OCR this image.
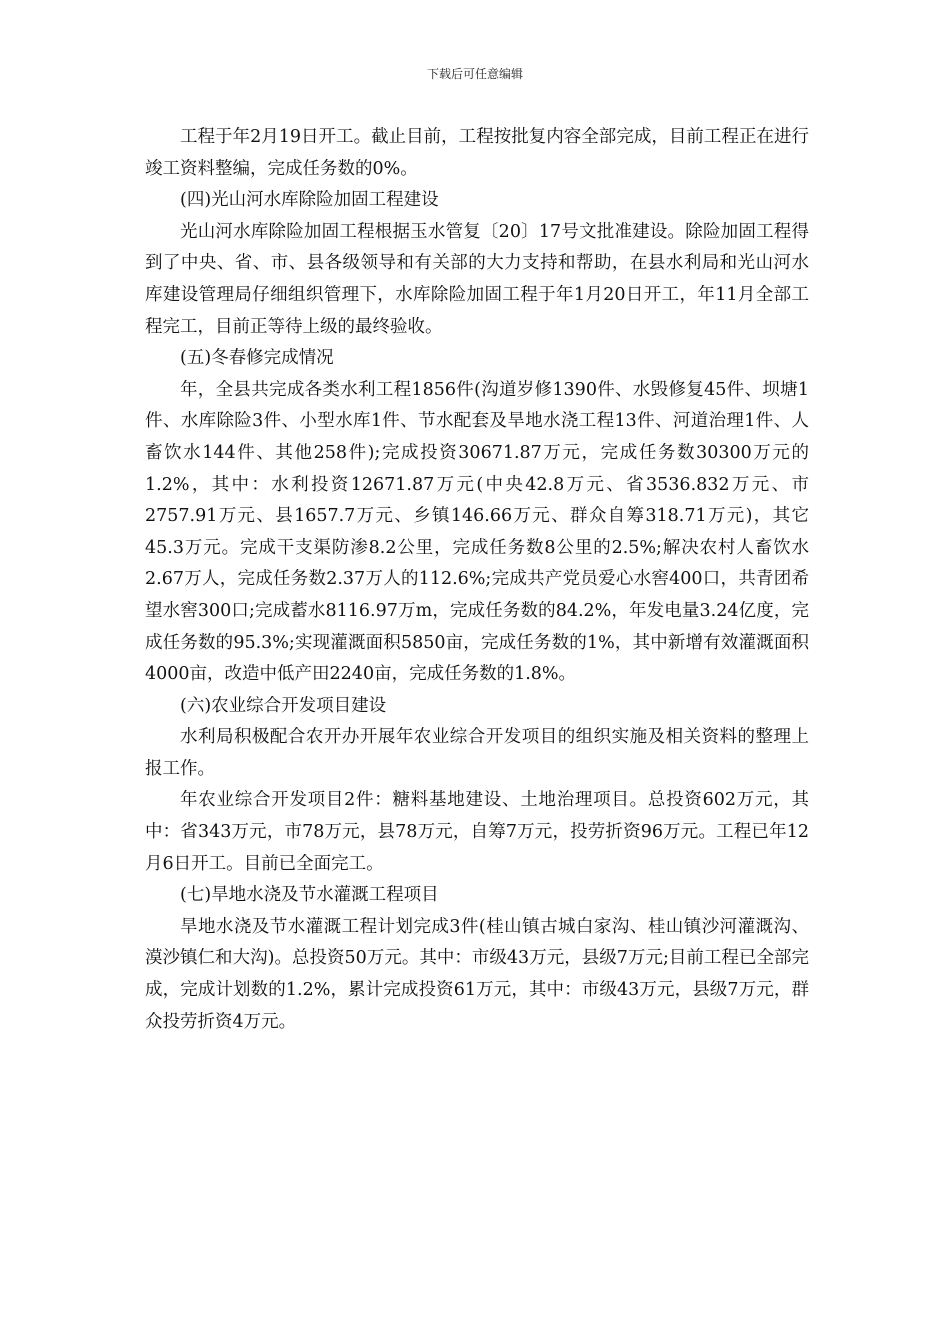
下载后可任意编辑

工程于年2月19日开工。截止目前，工程按批复内容全部完成，目前工程正在进行竣工资料整编，完成任务数的0%。

(四)光山河水库除险加固工程建设

光山河水库除险加固工程根据玉水管复〔20〕17号文批准建设。除险加固工程得到了中央、省、市、县各级领导和有关部的大力支持和帮助，在县水利局和光山河水库建设管理局仔细组织管理下，水库除险加固工程于年1月20日开工，年11月全部工程完工，目前正等待上级的最终验收。

(五)冬春修完成情况

年，全县共完成各类水利工程1856件(沟道岁修1390件、水毁修复45件、坝塘1件、水库除险3件、小型水库1件、节水配套及旱地水浇工程13件、河道治理1件、人畜饮水144件、其他258件);完成投资30671.87万元，完成任务数30300万元的1.2%，其中：水利投资12671.87万元(中央42.8万元、省3536.832万元、市2757.91万元、县1657.7万元、乡镇146.66万元、群众自筹318.71万元)，其它45.3万元。完成干支渠防渗8.2公里，完成任务数8公里的2.5%;解决农村人畜饮水2.67万人，完成任务数2.37万人的112.6%;完成共产党员爱心水窖400口，共青团希望水窖300口;完成蓄水8116.97万m，完成任务数的84.2%，年发电量3.24亿度，完成任务数的95.3%;实现灌溉面积5850亩，完成任务数的1%，其中新增有效灌溉面积4000亩，改造中低产田2240亩，完成任务数的1.8%。

(六)农业综合开发项目建设

水利局积极配合农开办开展年农业综合开发项目的组织实施及相关资料的整理上报工作。

年农业综合开发项目2件：糖料基地建设、土地治理项目。总投资602万元，其中：省343万元，市78万元，县78万元，自筹7万元，投劳折资96万元。工程已年12月6日开工。目前已全面完工。

(七)旱地水浇及节水灌溉工程项目

旱地水浇及节水灌溉工程计划完成3件(桂山镇古城白家沟、桂山镇沙河灌溉沟、漠沙镇仁和大沟)。总投资50万元。其中：市级43万元，县级7万元;目前工程已全部完成，完成计划数的1.2%，累计完成投资61万元，其中：市级43万元，县级7万元，群众投劳折资4万元。
